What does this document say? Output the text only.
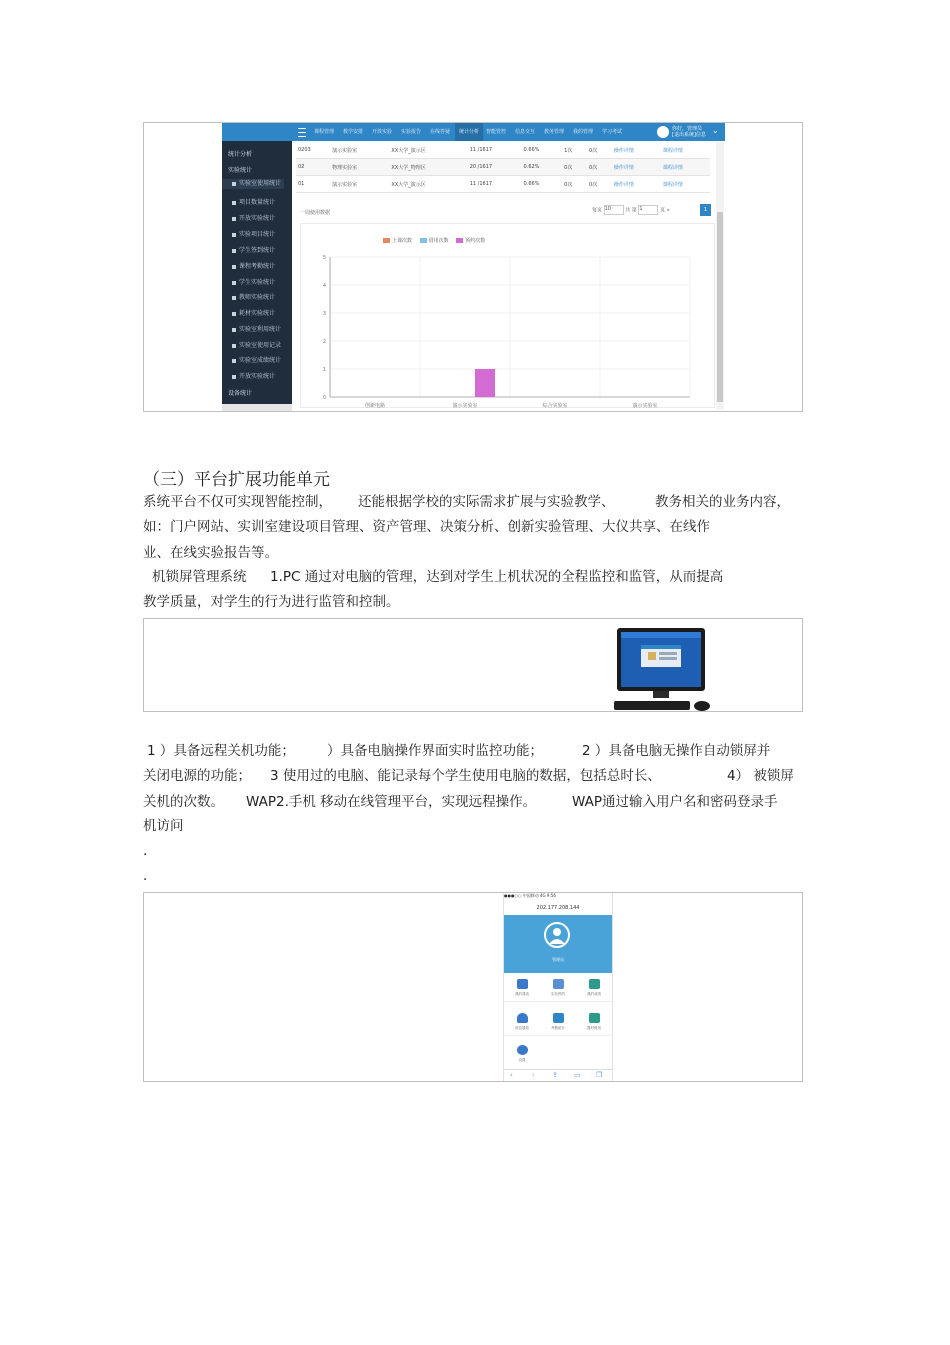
课程管理 教学安排 开放实验 实验报告 在线答疑	统计分析	智能管控 信息交互 教务管理 我的管理 学习考试	你好，管理员
[退出系统]信息 ⌄
统计分析
实验统计
实验室使用统计
项目数量统计
开放实验统计
实验项目统计
学生签到统计
课程考勤统计
学生实验统计
教师实验统计
耗材实验统计
实验室利用统计
实验室使用记录
实验室成绩统计
开放实验统计
设备统计
0203	演示实验室	XX大学_演示区	11 /1617	0.66%	1次	0次	操作详情	课程详情
02	物理实验室	XX大学_物理区	20 /1617	0.62%	0次	0次	操作详情	课程详情
01	演示实验室	XX大学_演示区	11 /1617	0.66%	0次	0次	操作详情	课程详情
一周使用数据	每页 10	共 第 1	页 «	1
上课次数	借用次数	预约次数
0
1
2
3
4
5
创新电路	演示实验室	综合实验室	演示实验室
（三）平台扩展功能单元
系统平台不仅可实现智能控制， 还能根据学校的实际需求扩展与实验教学、	教务相关的业务内容，
如：门户网站、实训室建设项目管理、资产管理、决策分析、创新实验管理、大仪共享、在线作
业、在线实验报告等。
机锁屏管理系统 1.PC 通过对电脑的管理，达到对学生上机状况的全程监控和监管，从而提高
教学质量，对学生的行为进行监管和控制。
1 ）具备远程关机功能； ）具备电脑操作界面实时监控功能；	2 ）具备电脑无操作自动锁屏并
关闭电源的功能； 3 使用过的电脑、能记录每个学生使用电脑的数据，包括总时长、	4） 被锁屏
关机的次数。 WAP2.手机 移动在线管理平台，实现远程操作。	WAP通过输入用户名和密码登录手
机访问
.
.
●●●○○ 中国移动 4G 9:56
202.177.208.144
管理员
我的课表	实验预约	我的成绩
消息通知	考勤统计	器材借用
设置
‹	› ⇪ ▭ ❐
